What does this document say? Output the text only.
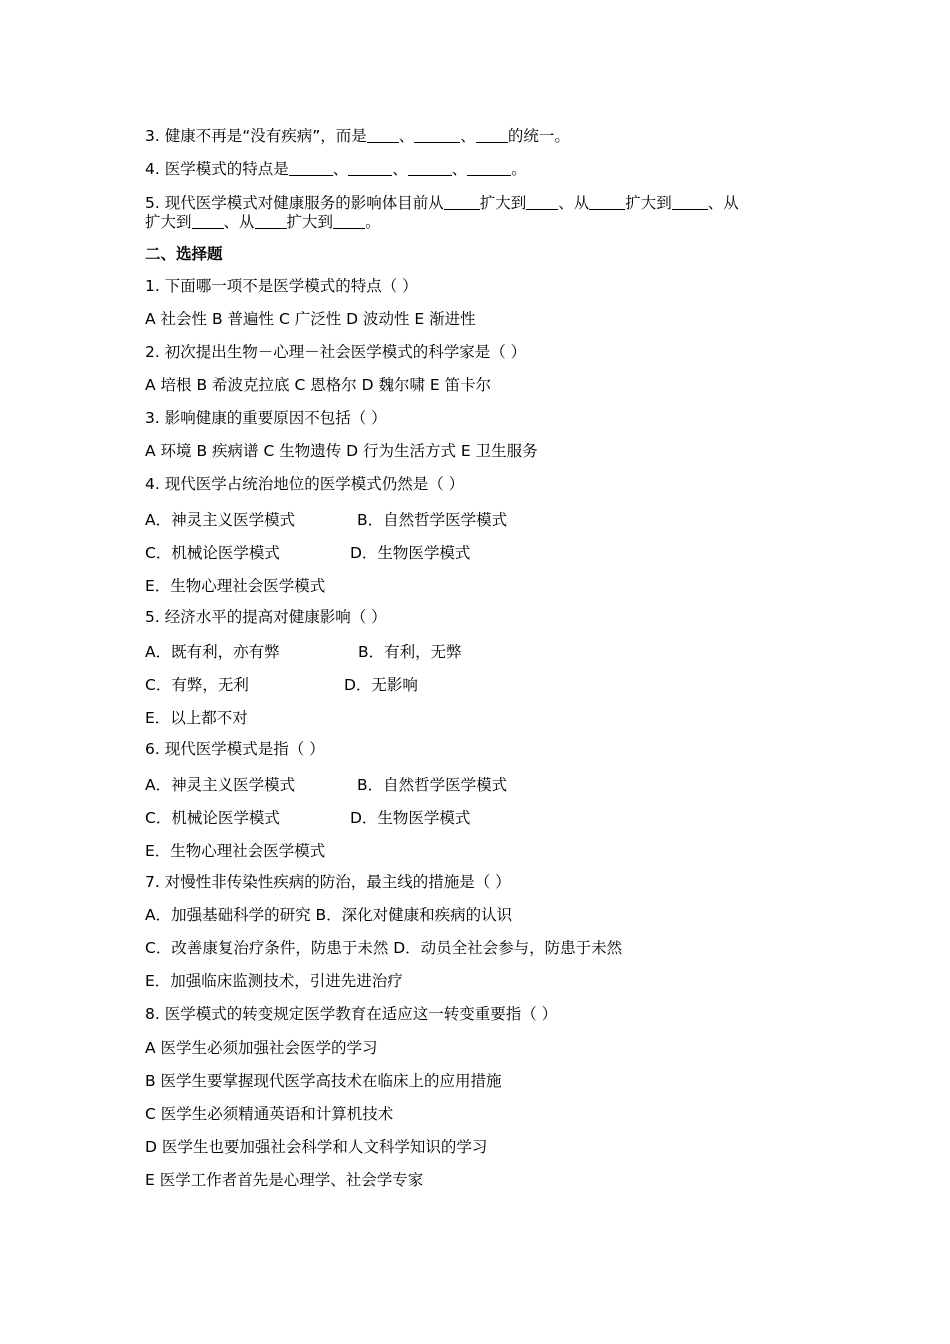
3. 健康不再是“没有疾病”，而是 、	、 的统一。
4. 医学模式的特点是	、	、	、	。
5. 现代医学模式对健康服务的影响体目前从 扩大到 、从 扩大到 、从
扩大到 、从 扩大到 。
二、选择题
1. 下面哪一项不是医学模式的特点（ ）
A 社会性 B 普遍性 C 广泛性 D 波动性 E 渐进性
2. 初次提出生物－心理－社会医学模式的科学家是（ ）
A 培根 B 希波克拉底 C 恩格尔 D 魏尔啸 E 笛卡尔
3. 影响健康的重要原因不包括（ ）
A 环境 B 疾病谱 C 生物遗传 D 行为生活方式 E 卫生服务
4. 现代医学占统治地位的医学模式仍然是（ ）
A．神灵主义医学模式	B．自然哲学医学模式
C．机械论医学模式	D．生物医学模式
E．生物心理社会医学模式
5. 经济水平的提高对健康影响（ ）
A．既有利，亦有弊	B．有利，无弊
C．有弊，无利	D．无影响
E．以上都不对
6. 现代医学模式是指（ ）
A．神灵主义医学模式	B．自然哲学医学模式
C．机械论医学模式	D．生物医学模式
E．生物心理社会医学模式
7. 对慢性非传染性疾病的防治，最主线的措施是（ ）
A．加强基础科学的研究 B．深化对健康和疾病的认识
C．改善康复治疗条件，防患于未然 D．动员全社会参与，防患于未然
E．加强临床监测技术，引进先进治疗
8. 医学模式的转变规定医学教育在适应这一转变重要指（ ）
A 医学生必须加强社会医学的学习
B 医学生要掌握现代医学高技术在临床上的应用措施
C 医学生必须精通英语和计算机技术
D 医学生也要加强社会科学和人文科学知识的学习
E 医学工作者首先是心理学、社会学专家
